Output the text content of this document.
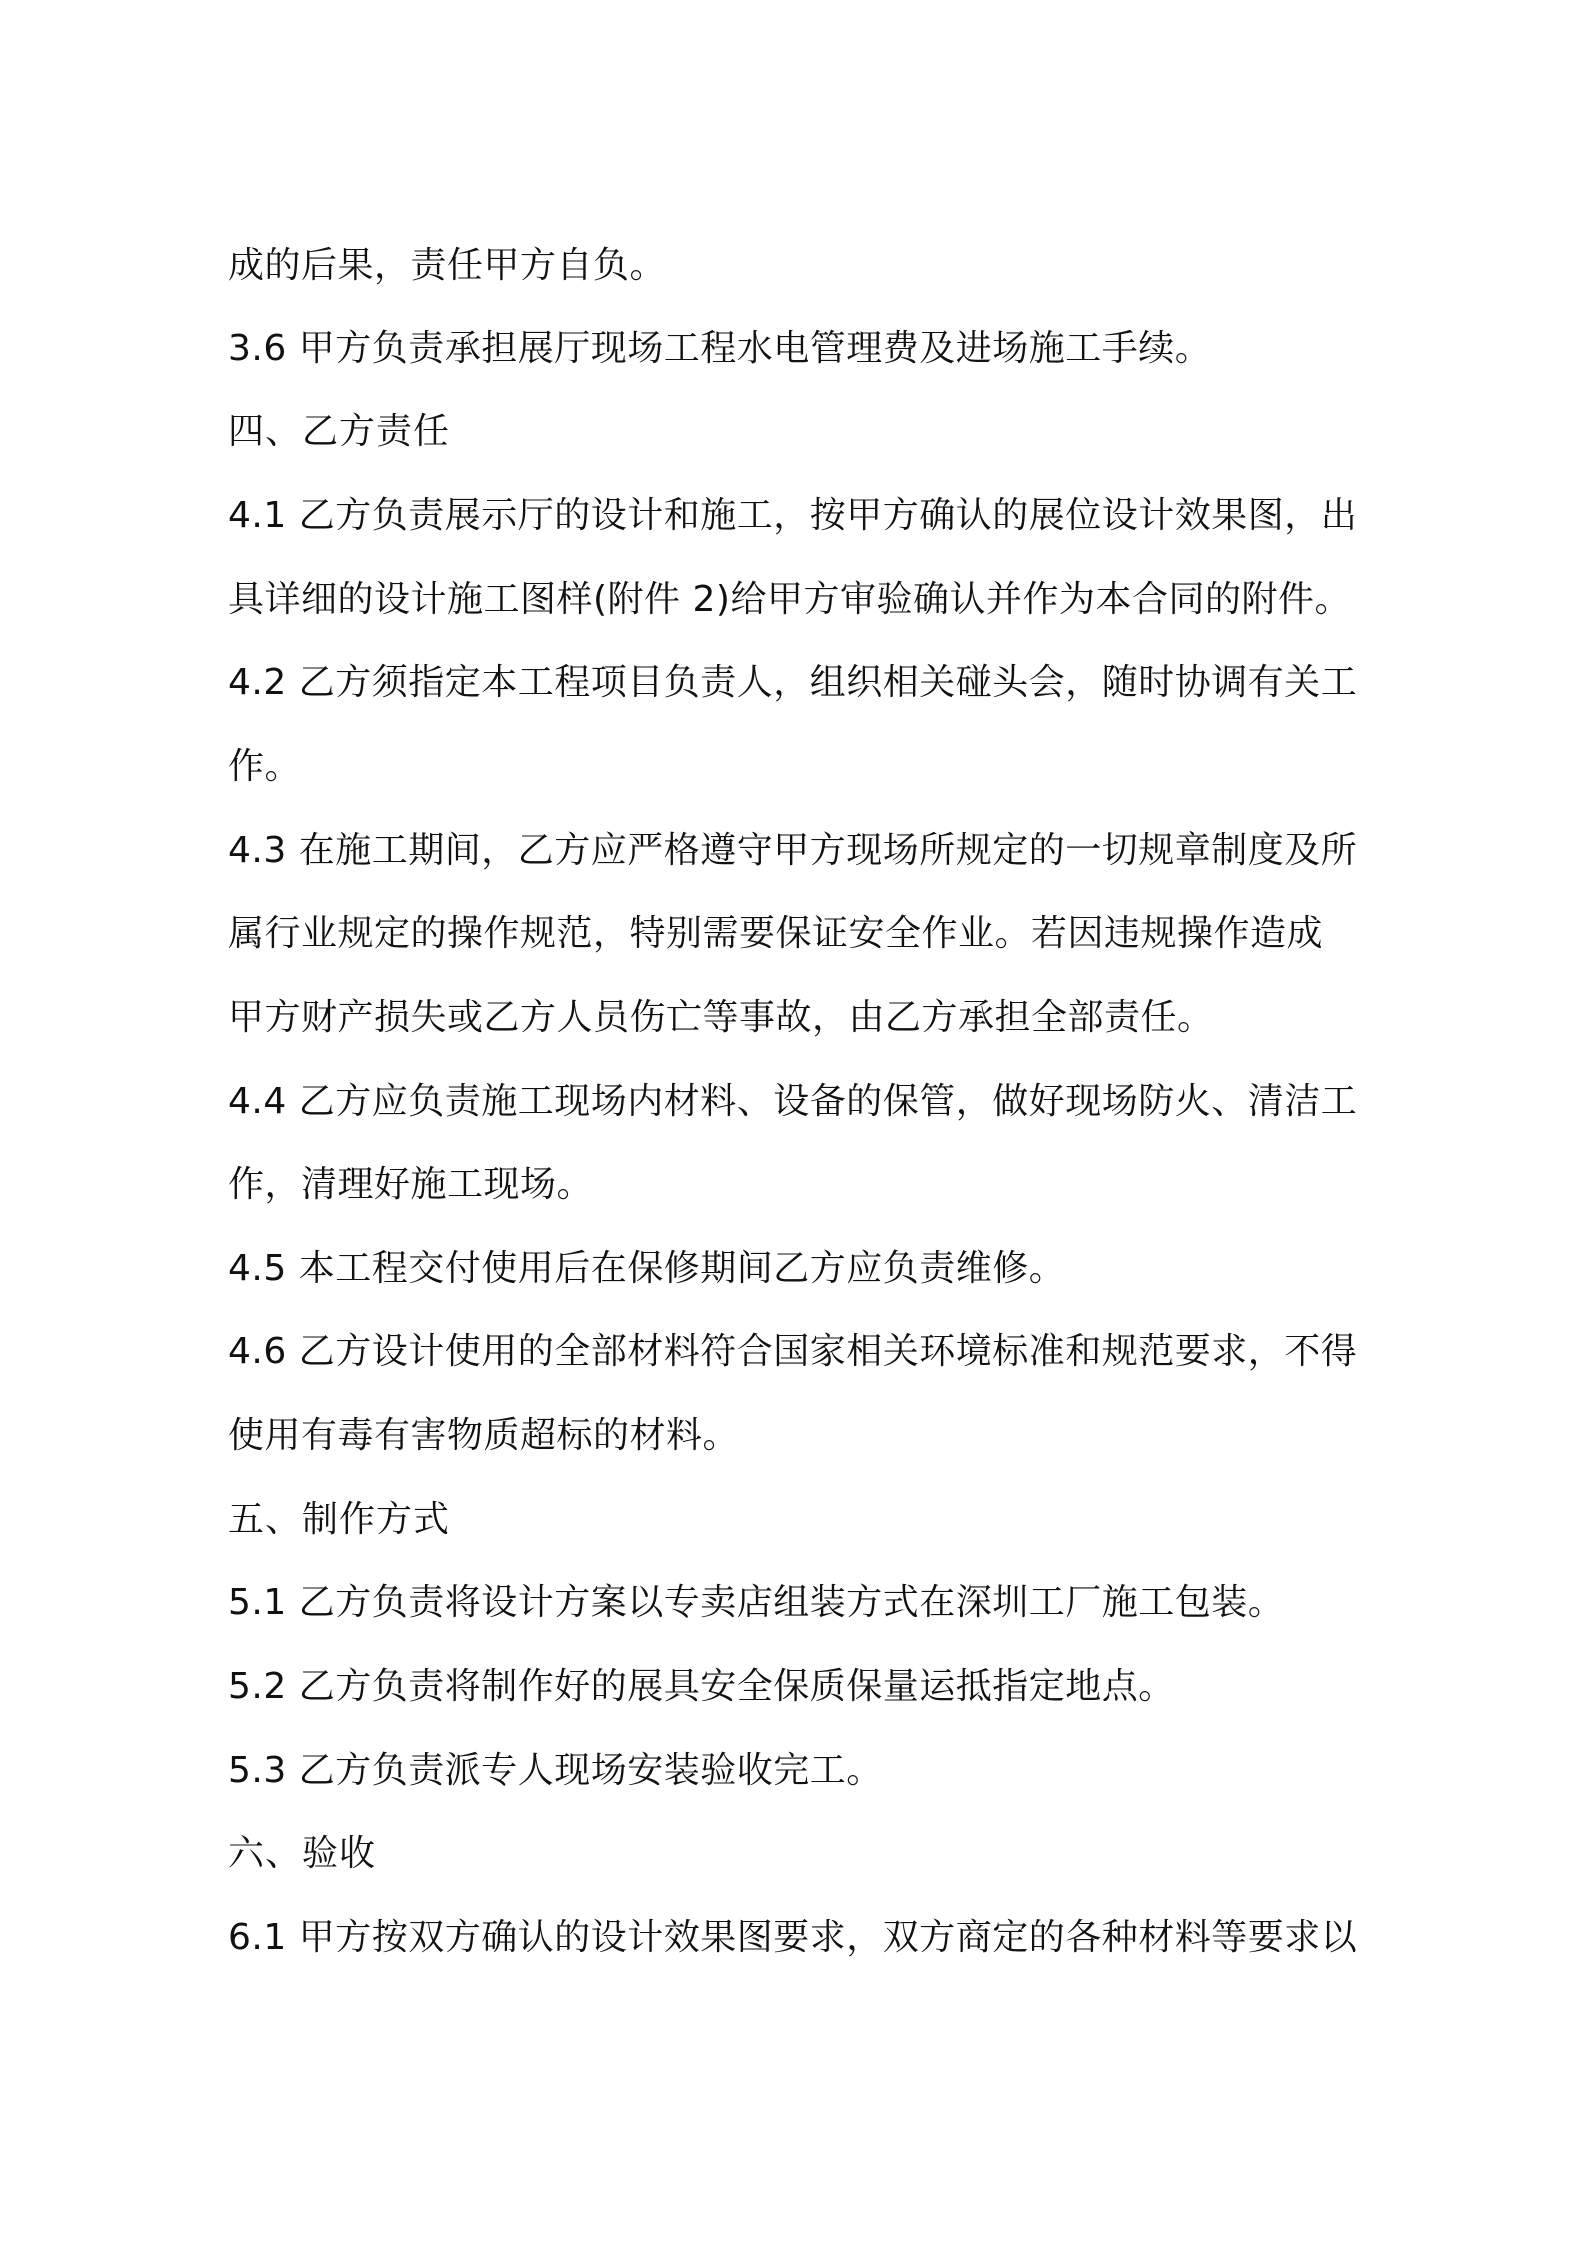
成的后果，责任甲方自负。

3.6 甲方负责承担展厅现场工程水电管理费及进场施工手续。

四、乙方责任

4.1 乙方负责展示厅的设计和施工，按甲方确认的展位设计效果图，出

具详细的设计施工图样(附件 2)给甲方审验确认并作为本合同的附件。

4.2 乙方须指定本工程项目负责人，组织相关碰头会，随时协调有关工

作。

4.3 在施工期间，乙方应严格遵守甲方现场所规定的一切规章制度及所

属行业规定的操作规范，特别需要保证安全作业。若因违规操作造成

甲方财产损失或乙方人员伤亡等事故，由乙方承担全部责任。

4.4 乙方应负责施工现场内材料、设备的保管，做好现场防火、清洁工

作，清理好施工现场。

4.5 本工程交付使用后在保修期间乙方应负责维修。

4.6 乙方设计使用的全部材料符合国家相关环境标准和规范要求，不得

使用有毒有害物质超标的材料。

五、制作方式

5.1 乙方负责将设计方案以专卖店组装方式在深圳工厂施工包装。

5.2 乙方负责将制作好的展具安全保质保量运抵指定地点。

5.3 乙方负责派专人现场安装验收完工。

六、验收

6.1 甲方按双方确认的设计效果图要求，双方商定的各种材料等要求以
